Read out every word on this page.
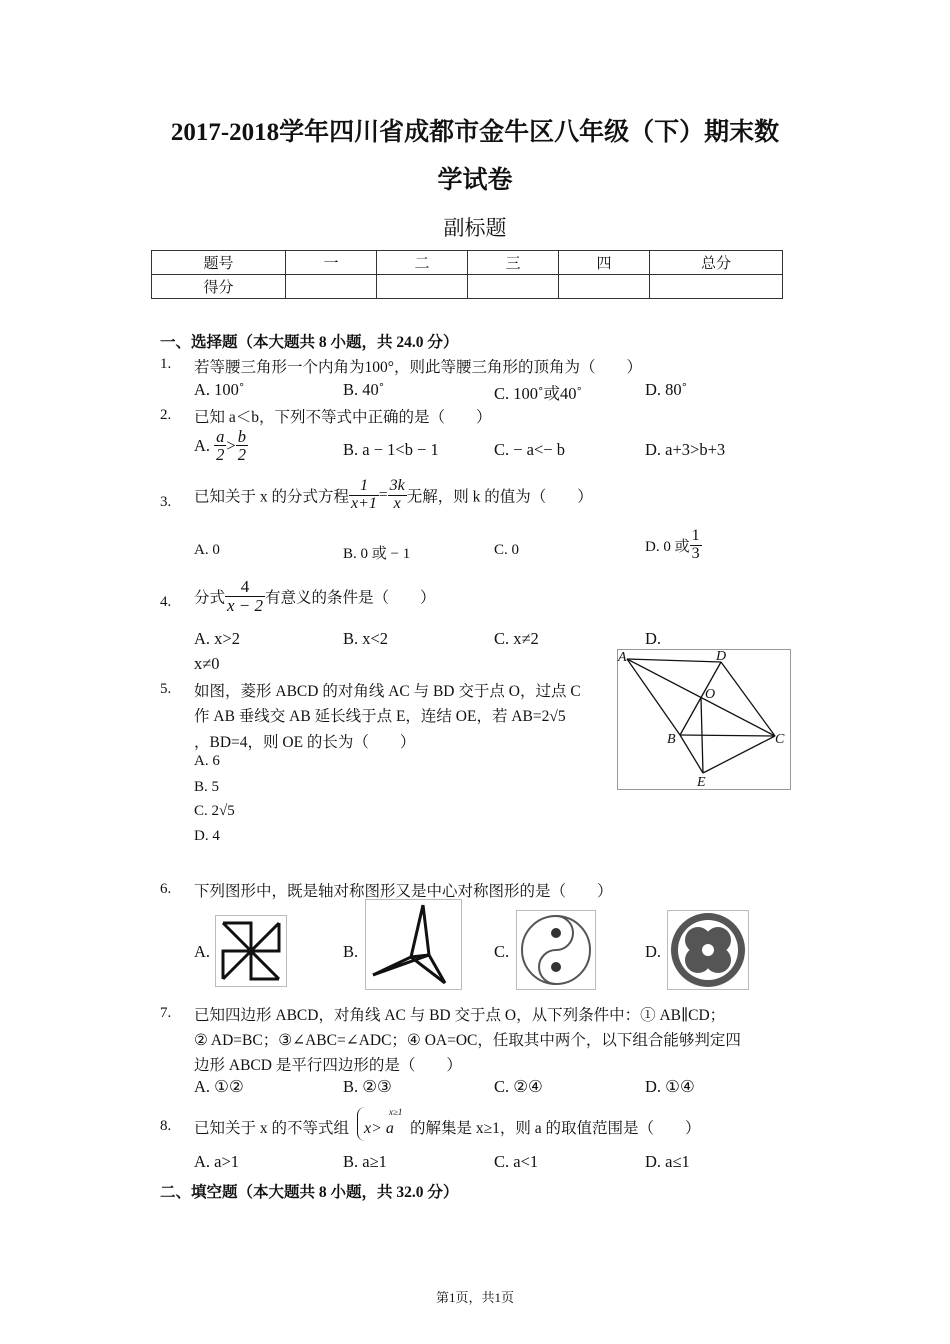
2017-2018学年四川省成都市金牛区八年级（下）期末数
学试卷
副标题
题号	一	二	三	四	总分
得分					
一、选择题（本大题共 8 小题，共 24.0 分）
1. 若等腰三角形一个内角为100°，则此等腰三角形的顶角为（　　）
A. 100˚	B. 40˚	C. 100˚或40˚	D. 80˚
2. 已知 a＜b，下列不等式中正确的是（　　）
A. $\frac{a}{2} > \frac{b}{2}$	B. a − 1<b − 1	C. − a<− b	D. a+3>b+3
3. 已知关于 x 的分式方程 $\frac{1}{x+1} = \frac{3k}{x}$ 无解，则 k 的值为（　　）
A. 0	B. 0 或 − 1	C. 0	D. 0 或 $\frac{1}{3}$
4. 分式 $\frac{4}{x - 2}$ 有意义的条件是（　　）
A. x>2	B. x<2	C. x≠2	D.
x≠0
5. 如图，菱形 ABCD 的对角线 AC 与 BD 交于点 O，过点 C
作 AB 垂线交 AB 延长线于点 E，连结 OE，若 AB=2√5
，BD=4，则 OE 的长为（　　）
A. 6
B. 5
C. 2√5
D. 4
A	D
O
B	C
E
6. 下列图形中，既是轴对称图形又是中心对称图形的是（　　）
A.	B.	C.	D.
7. 已知四边形 ABCD，对角线 AC 与 BD 交于点 O，从下列条件中：① AB∥CD；
② AD=BC；③∠ABC=∠ADC；④ OA=OC，任取其中两个，以下组合能够判定四
边形 ABCD 是平行四边形的是（　　）
A. ①②	B. ②③	C. ②④	D. ①④
8. 已知关于 x 的不等式组
x≥1
x> a 的解集是 x≥1，则 a 的取值范围是（　　）
A. a>1	B. a≥1	C. a<1	D. a≤1
二、填空题（本大题共 8 小题，共 32.0 分）
第1页，共1页
